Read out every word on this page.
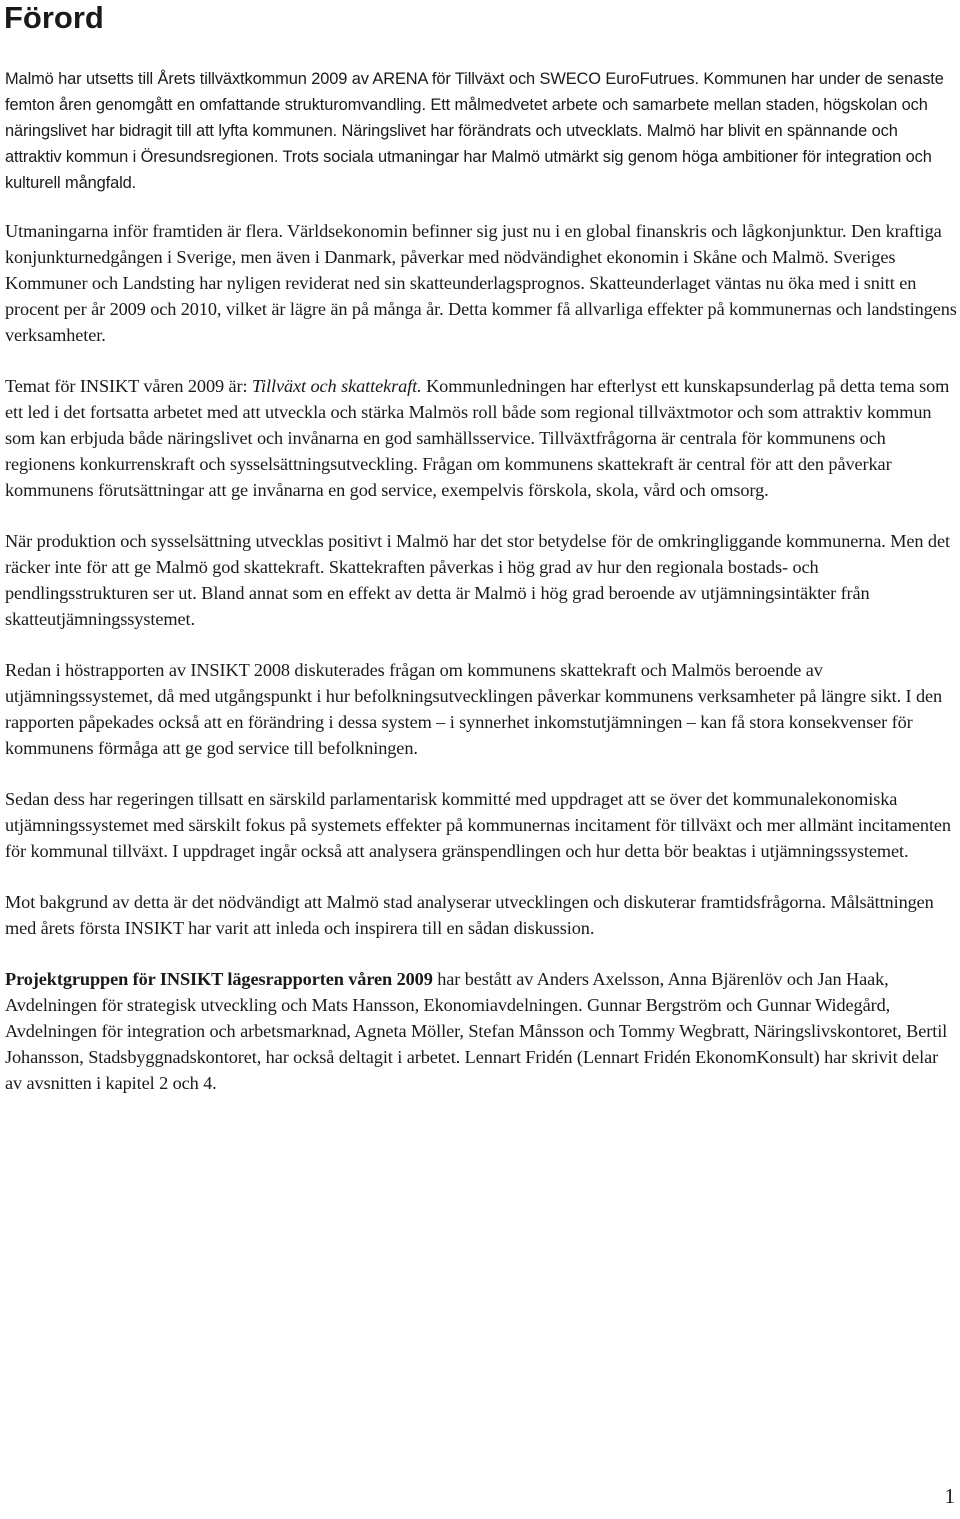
Förord

Malmö har utsetts till Årets tillväxtkommun 2009 av ARENA för Tillväxt och SWECO EuroFutrues. Kommunen har under de senaste femton åren genomgått en omfattande strukturomvandling. Ett målmedvetet arbete och samarbete mellan staden, högskolan och näringslivet har bidragit till att lyfta kommunen. Näringslivet har förändrats och utvecklats. Malmö har blivit en spännande och attraktiv kommun i Öresundsregionen. Trots sociala utmaningar har Malmö utmärkt sig genom höga ambitioner för integration och kulturell mångfald.

Utmaningarna inför framtiden är flera. Världsekonomin befinner sig just nu i en global finanskris och lågkonjunktur. Den kraftiga konjunkturnedgången i Sverige, men även i Danmark, påverkar med nödvändighet ekonomin i Skåne och Malmö. Sveriges Kommuner och Landsting har nyligen reviderat ned sin skatteunderlagsprognos. Skatteunderlaget väntas nu öka med i snitt en procent per år 2009 och 2010, vilket är lägre än på många år. Detta kommer få allvarliga effekter på kommunernas och landstingens verksamheter.

Temat för INSIKT våren 2009 är: Tillväxt och skattekraft. Kommunledningen har efterlyst ett kunskapsunderlag på detta tema som ett led i det fortsatta arbetet med att utveckla och stärka Malmös roll både som regional tillväxtmotor och som attraktiv kommun som kan erbjuda både näringslivet och invånarna en god samhällsservice. Tillväxtfrågorna är centrala för kommunens och regionens konkurrenskraft och sysselsättningsutveckling. Frågan om kommunens skattekraft är central för att den påverkar kommunens förutsättningar att ge invånarna en god service, exempelvis förskola, skola, vård och omsorg.

När produktion och sysselsättning utvecklas positivt i Malmö har det stor betydelse för de omkringliggande kommunerna. Men det räcker inte för att ge Malmö god skattekraft. Skattekraften påverkas i hög grad av hur den regionala bostads- och pendlingsstrukturen ser ut. Bland annat som en effekt av detta är Malmö i hög grad beroende av utjämningsintäkter från skatteutjämningssystemet.

Redan i höstrapporten av INSIKT 2008 diskuterades frågan om kommunens skattekraft och Malmös beroende av utjämningssystemet, då med utgångspunkt i hur befolkningsutvecklingen påverkar kommunens verksamheter på längre sikt. I den rapporten påpekades också att en förändring i dessa system – i synnerhet inkomstutjämningen – kan få stora konsekvenser för kommunens förmåga att ge god service till befolkningen.

Sedan dess har regeringen tillsatt en särskild parlamentarisk kommitté med uppdraget att se över det kommunalekonomiska utjämningssystemet med särskilt fokus på systemets effekter på kommunernas incitament för tillväxt och mer allmänt incitamenten för kommunal tillväxt. I uppdraget ingår också att analysera gränspendlingen och hur detta bör beaktas i utjämningssystemet.

Mot bakgrund av detta är det nödvändigt att Malmö stad analyserar utvecklingen och diskuterar framtidsfrågorna. Målsättningen med årets första INSIKT har varit att inleda och inspirera till en sådan diskussion.

Projektgruppen för INSIKT lägesrapporten våren 2009 har bestått av Anders Axelsson, Anna Bjärenlöv och Jan Haak, Avdelningen för strategisk utveckling och Mats Hansson, Ekonomiavdelningen. Gunnar Bergström och Gunnar Widegård, Avdelningen för integration och arbetsmarknad, Agneta Möller, Stefan Månsson och Tommy Wegbratt, Näringslivskontoret, Bertil Johansson, Stadsbyggnadskontoret, har också deltagit i arbetet. Lennart Fridén (Lennart Fridén EkonomKonsult) har skrivit delar av avsnitten i kapitel 2 och 4.

1
